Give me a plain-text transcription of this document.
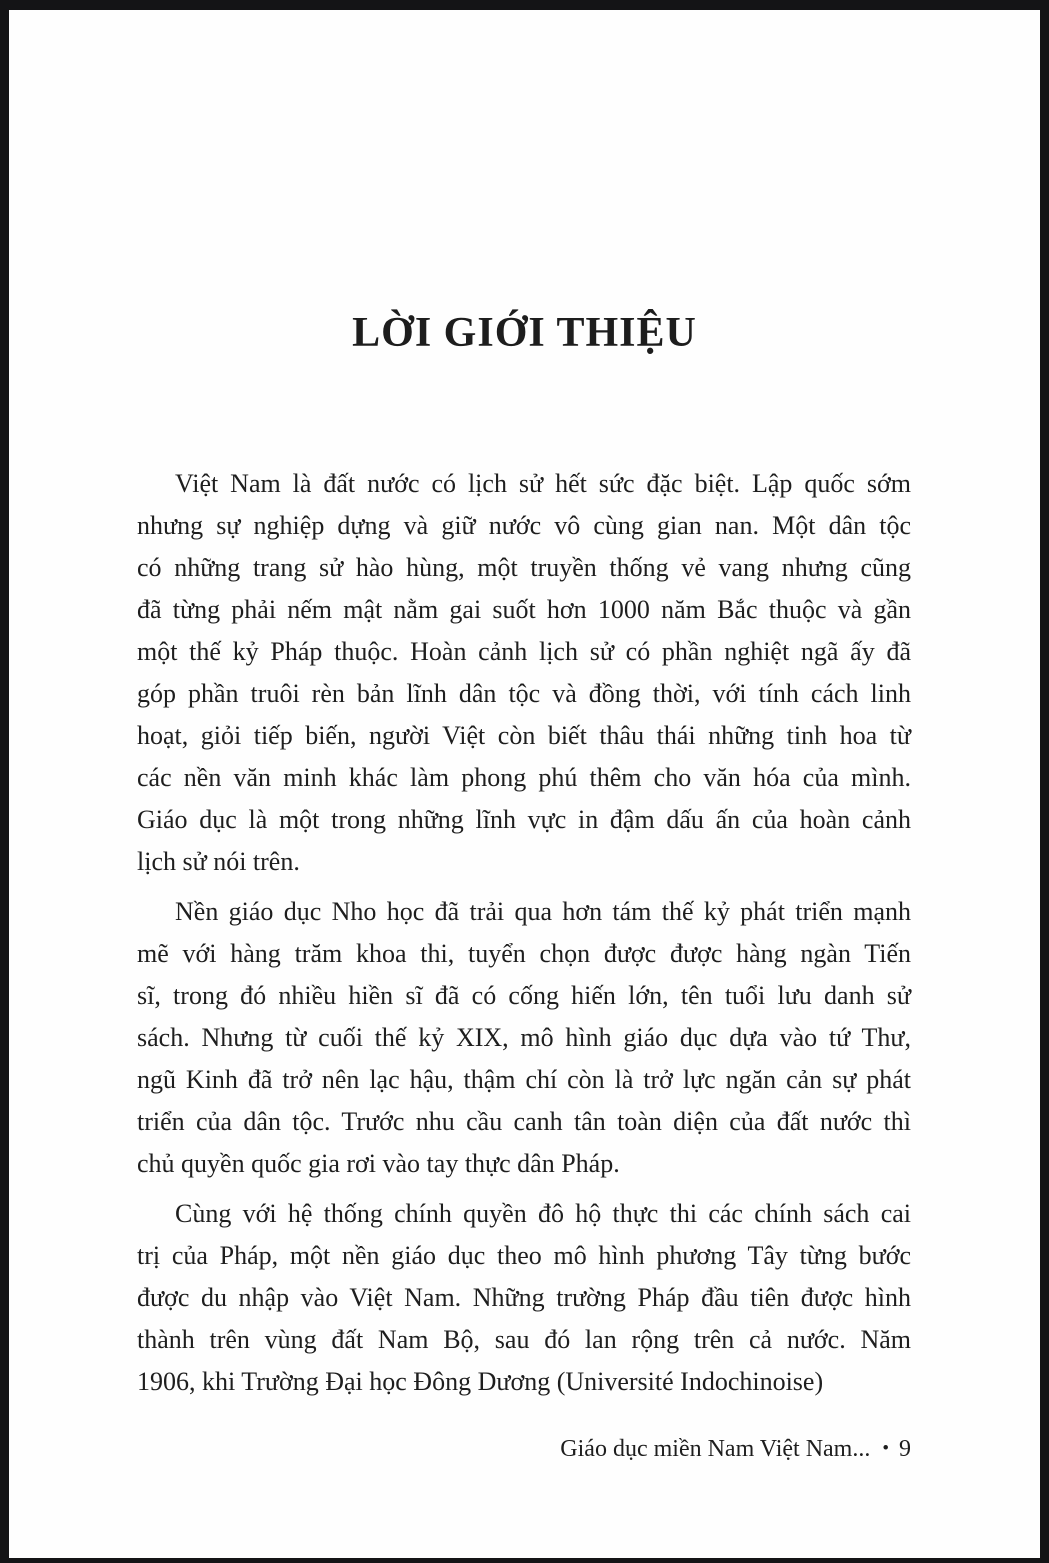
LỜI GIỚI THIỆU
Việt Nam là đất nước có lịch sử hết sức đặc biệt. Lập quốc sớm
nhưng sự nghiệp dựng và giữ nước vô cùng gian nan. Một dân tộc
có những trang sử hào hùng, một truyền thống vẻ vang nhưng cũng
đã từng phải nếm mật nằm gai suốt hơn 1000 năm Bắc thuộc và gần
một thế kỷ Pháp thuộc. Hoàn cảnh lịch sử có phần nghiệt ngã ấy đã
góp phần truôi rèn bản lĩnh dân tộc và đồng thời, với tính cách linh
hoạt, giỏi tiếp biến, người Việt còn biết thâu thái những tinh hoa từ
các nền văn minh khác làm phong phú thêm cho văn hóa của mình.
Giáo dục là một trong những lĩnh vực in đậm dấu ấn của hoàn cảnh
lịch sử nói trên.
Nền giáo dục Nho học đã trải qua hơn tám thế kỷ phát triển mạnh
mẽ với hàng trăm khoa thi, tuyển chọn được được hàng ngàn Tiến
sĩ, trong đó nhiều hiền sĩ đã có cống hiến lớn, tên tuổi lưu danh sử
sách. Nhưng từ cuối thế kỷ XIX, mô hình giáo dục dựa vào tứ Thư,
ngũ Kinh đã trở nên lạc hậu, thậm chí còn là trở lực ngăn cản sự phát
triển của dân tộc. Trước nhu cầu canh tân toàn diện của đất nước thì
chủ quyền quốc gia rơi vào tay thực dân Pháp.
Cùng với hệ thống chính quyền đô hộ thực thi các chính sách cai
trị của Pháp, một nền giáo dục theo mô hình phương Tây từng bước
được du nhập vào Việt Nam. Những trường Pháp đầu tiên được hình
thành trên vùng đất Nam Bộ, sau đó lan rộng trên cả nước. Năm
1906, khi Trường Đại học Đông Dương (Université Indochinoise)
Giáo dục miền Nam Việt Nam... • 9
